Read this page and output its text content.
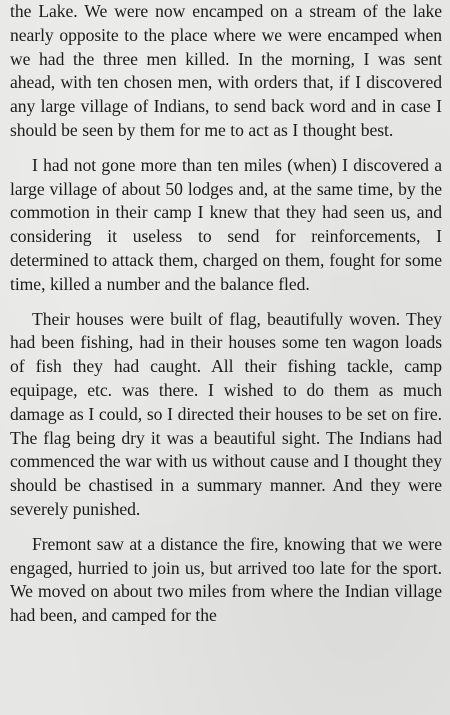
the Lake. We were now encamped on a stream of the lake nearly opposite to the place where we were encamped when we had the three men killed. In the morning, I was sent ahead, with ten chosen men, with orders that, if I discovered any large village of Indians, to send back word and in case I should be seen by them for me to act as I thought best.

I had not gone more than ten miles (when) I discovered a large village of about 50 lodges and, at the same time, by the commotion in their camp I knew that they had seen us, and considering it useless to send for reinforcements, I determined to attack them, charged on them, fought for some time, killed a number and the balance fled.

Their houses were built of flag, beautifully woven. They had been fishing, had in their houses some ten wagon loads of fish they had caught. All their fishing tackle, camp equipage, etc. was there. I wished to do them as much damage as I could, so I directed their houses to be set on fire. The flag being dry it was a beautiful sight. The Indians had commenced the war with us without cause and I thought they should be chastised in a summary manner. And they were severely punished.

Fremont saw at a distance the fire, knowing that we were engaged, hurried to join us, but arrived too late for the sport. We moved on about two miles from where the Indian village had been, and camped for the
